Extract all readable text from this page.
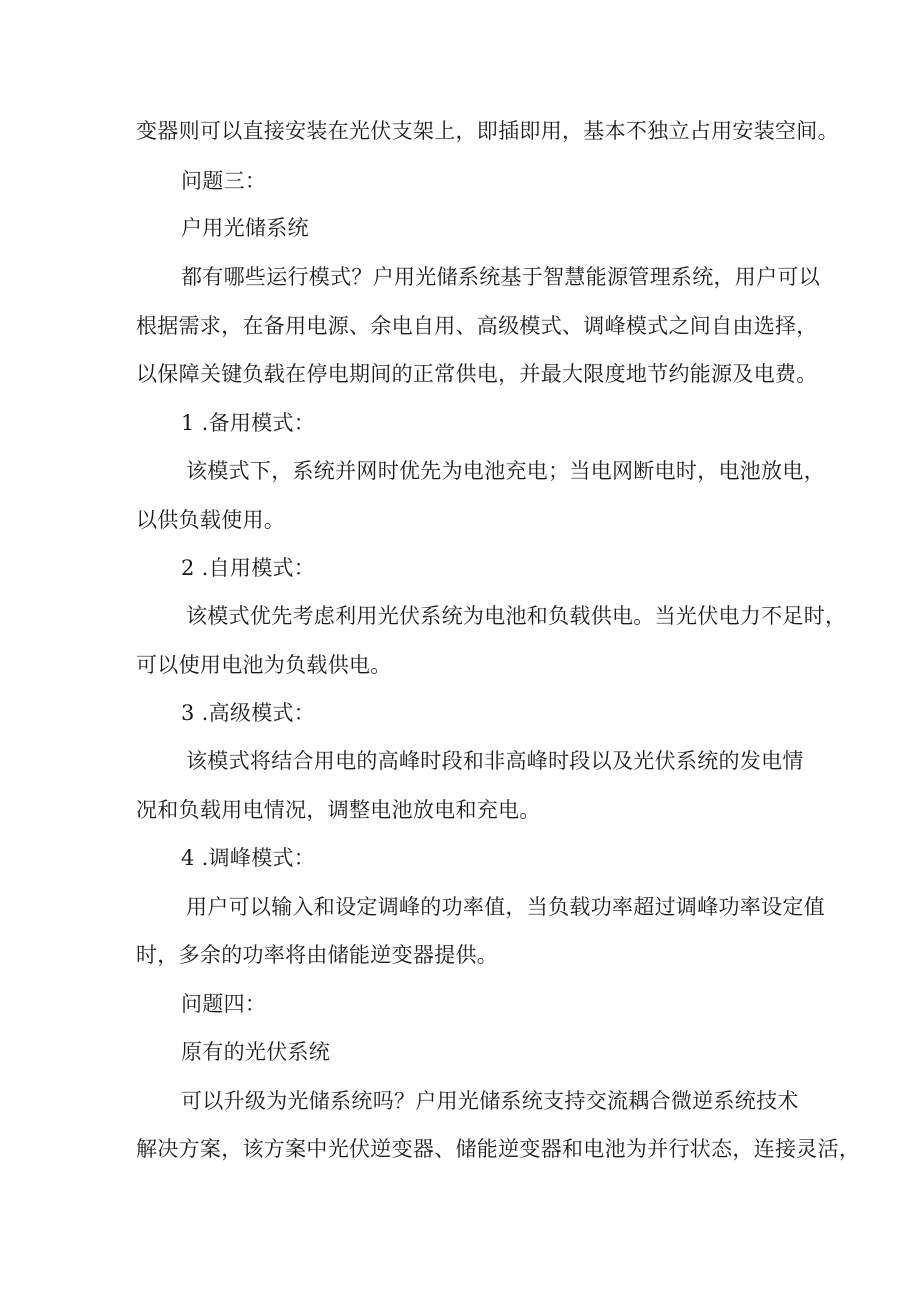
变器则可以直接安装在光伏支架上，即插即用，基本不独立占用安装空间。
问题三：
户用光储系统
都有哪些运行模式？户用光储系统基于智慧能源管理系统，用户可以
根据需求，在备用电源、余电自用、高级模式、调峰模式之间自由选择，
以保障关键负载在停电期间的正常供电，并最大限度地节约能源及电费。
1 .备用模式：
该模式下，系统并网时优先为电池充电；当电网断电时，电池放电，
以供负载使用。
2 .自用模式：
该模式优先考虑利用光伏系统为电池和负载供电。当光伏电力不足时，
可以使用电池为负载供电。
3 .高级模式：
该模式将结合用电的高峰时段和非高峰时段以及光伏系统的发电情
况和负载用电情况，调整电池放电和充电。
4 .调峰模式：
用户可以输入和设定调峰的功率值，当负载功率超过调峰功率设定值
时，多余的功率将由储能逆变器提供。
问题四：
原有的光伏系统
可以升级为光储系统吗？户用光储系统支持交流耦合微逆系统技术
解决方案，该方案中光伏逆变器、储能逆变器和电池为并行状态，连接灵活，
